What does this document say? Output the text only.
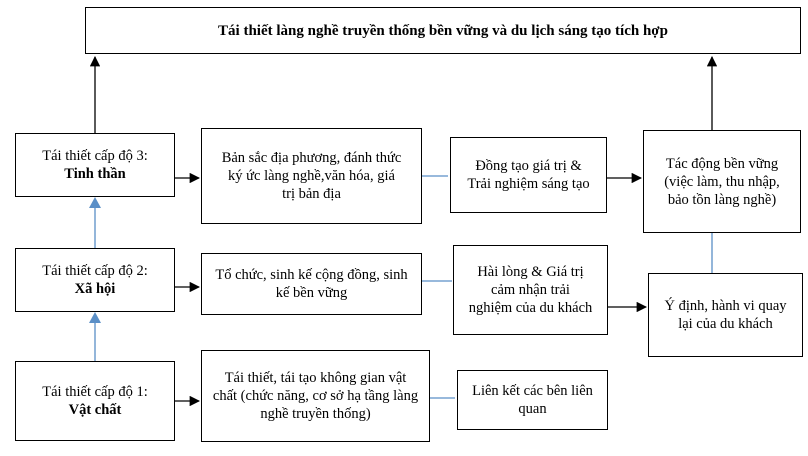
Tái thiết làng nghề truyền thống bền vững và du lịch sáng tạo tích hợp
Tái thiết cấp độ 3:
Tinh thần
Tái thiết cấp độ 2:
Xã hội
Tái thiết cấp độ 1:
Vật chất
Bản sắc địa phương, đánh thức ký ức làng nghề,văn hóa, giá trị bản địa
Tổ chức, sinh kế cộng đồng, sinh kế bền vững
Tái thiết, tái tạo không gian vật chất (chức năng, cơ sở hạ tầng làng nghề truyền thống)
Đồng tạo giá trị & Trải nghiệm sáng tạo
Hài lòng & Giá trị cảm nhận trải nghiệm của du khách
Liên kết các bên liên quan
Tác động bền vững (việc làm, thu nhập, bảo tồn làng nghề)
Ý định, hành vi quay lại của du khách
